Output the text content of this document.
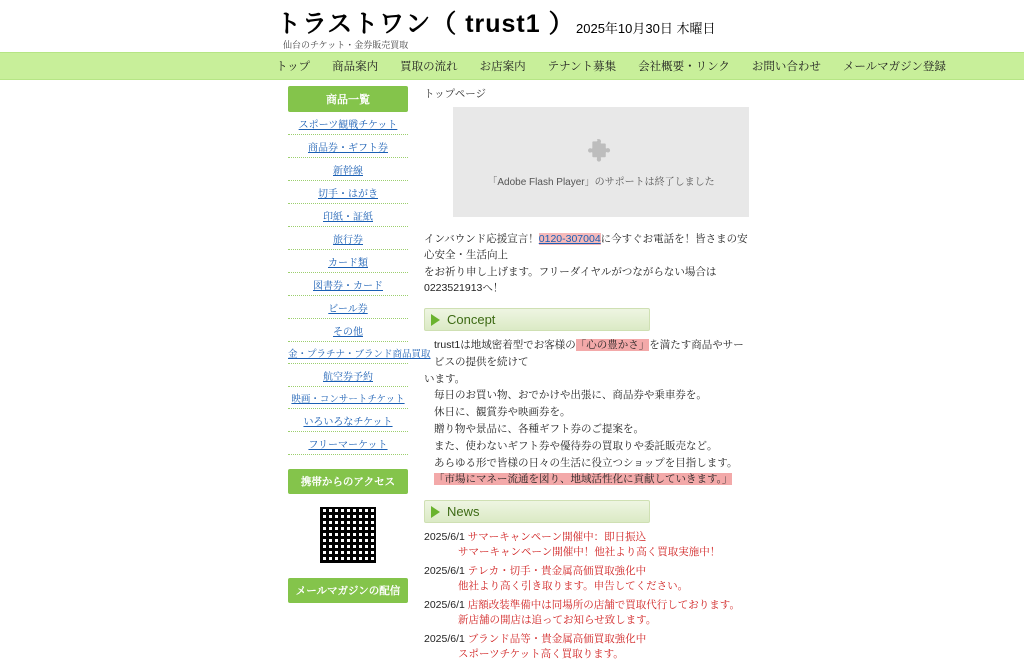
トラストワン（ trust1 ）
仙台のチケット・金券販売買取
2025年10月30日 木曜日
トップ 商品案内 買取の流れ お店案内 テナント募集 会社概要・リンク お問い合わせ メールマガジン登録
商品一覧
スポーツ観戦チケット
商品券・ギフト券
新幹線
切手・はがき
印紙・証紙
旅行券
カード類
図書券・カード
ビール券
その他
金・プラチナ・ブランド商品買取
航空券予約
映画・コンサートチケット
いろいろなチケット
フリーマーケット
携帯からのアクセス
メールマガジンの配信
トップページ
「Adobe Flash Player」のサポートは終了しました
インバウンド応援宣言！0120-307004に今すぐお電話を！皆さまの安心安全・生活向上
をお祈り申し上げます。フリーダイヤルがつながらない場合は0223521913へ！
Concept

trust1は地域密着型でお客様の「心の豊かさ」を満たす商品やサービスの提供を続けて

います。

毎日のお買い物、おでかけや出張に、商品券や乗車券を。

休日に、観賞券や映画券を。

贈り物や景品に、各種ギフト券のご提案を。

また、使わないギフト券や優待券の買取りや委託販売など。

あらゆる形で皆様の日々の生活に役立つショップを目指します。

「市場にマネー流通を図り、地域活性化に貢献していきます。」

News
2025/6/1 サマーキャンペーン開催中：即日振込
サマーキャンペーン開催中！他社より高く買取実施中！
2025/6/1 テレカ・切手・貴金属高価買取強化中
他社より高く引き取ります。申告してください。
2025/6/1 店額改装準備中は同場所の店舗で買取代行しております。
新店舗の開店は追ってお知らせ致します。
2025/6/1 ブランド品等・貴金属高価買取強化中
スポーツチケット高く買取ります。
